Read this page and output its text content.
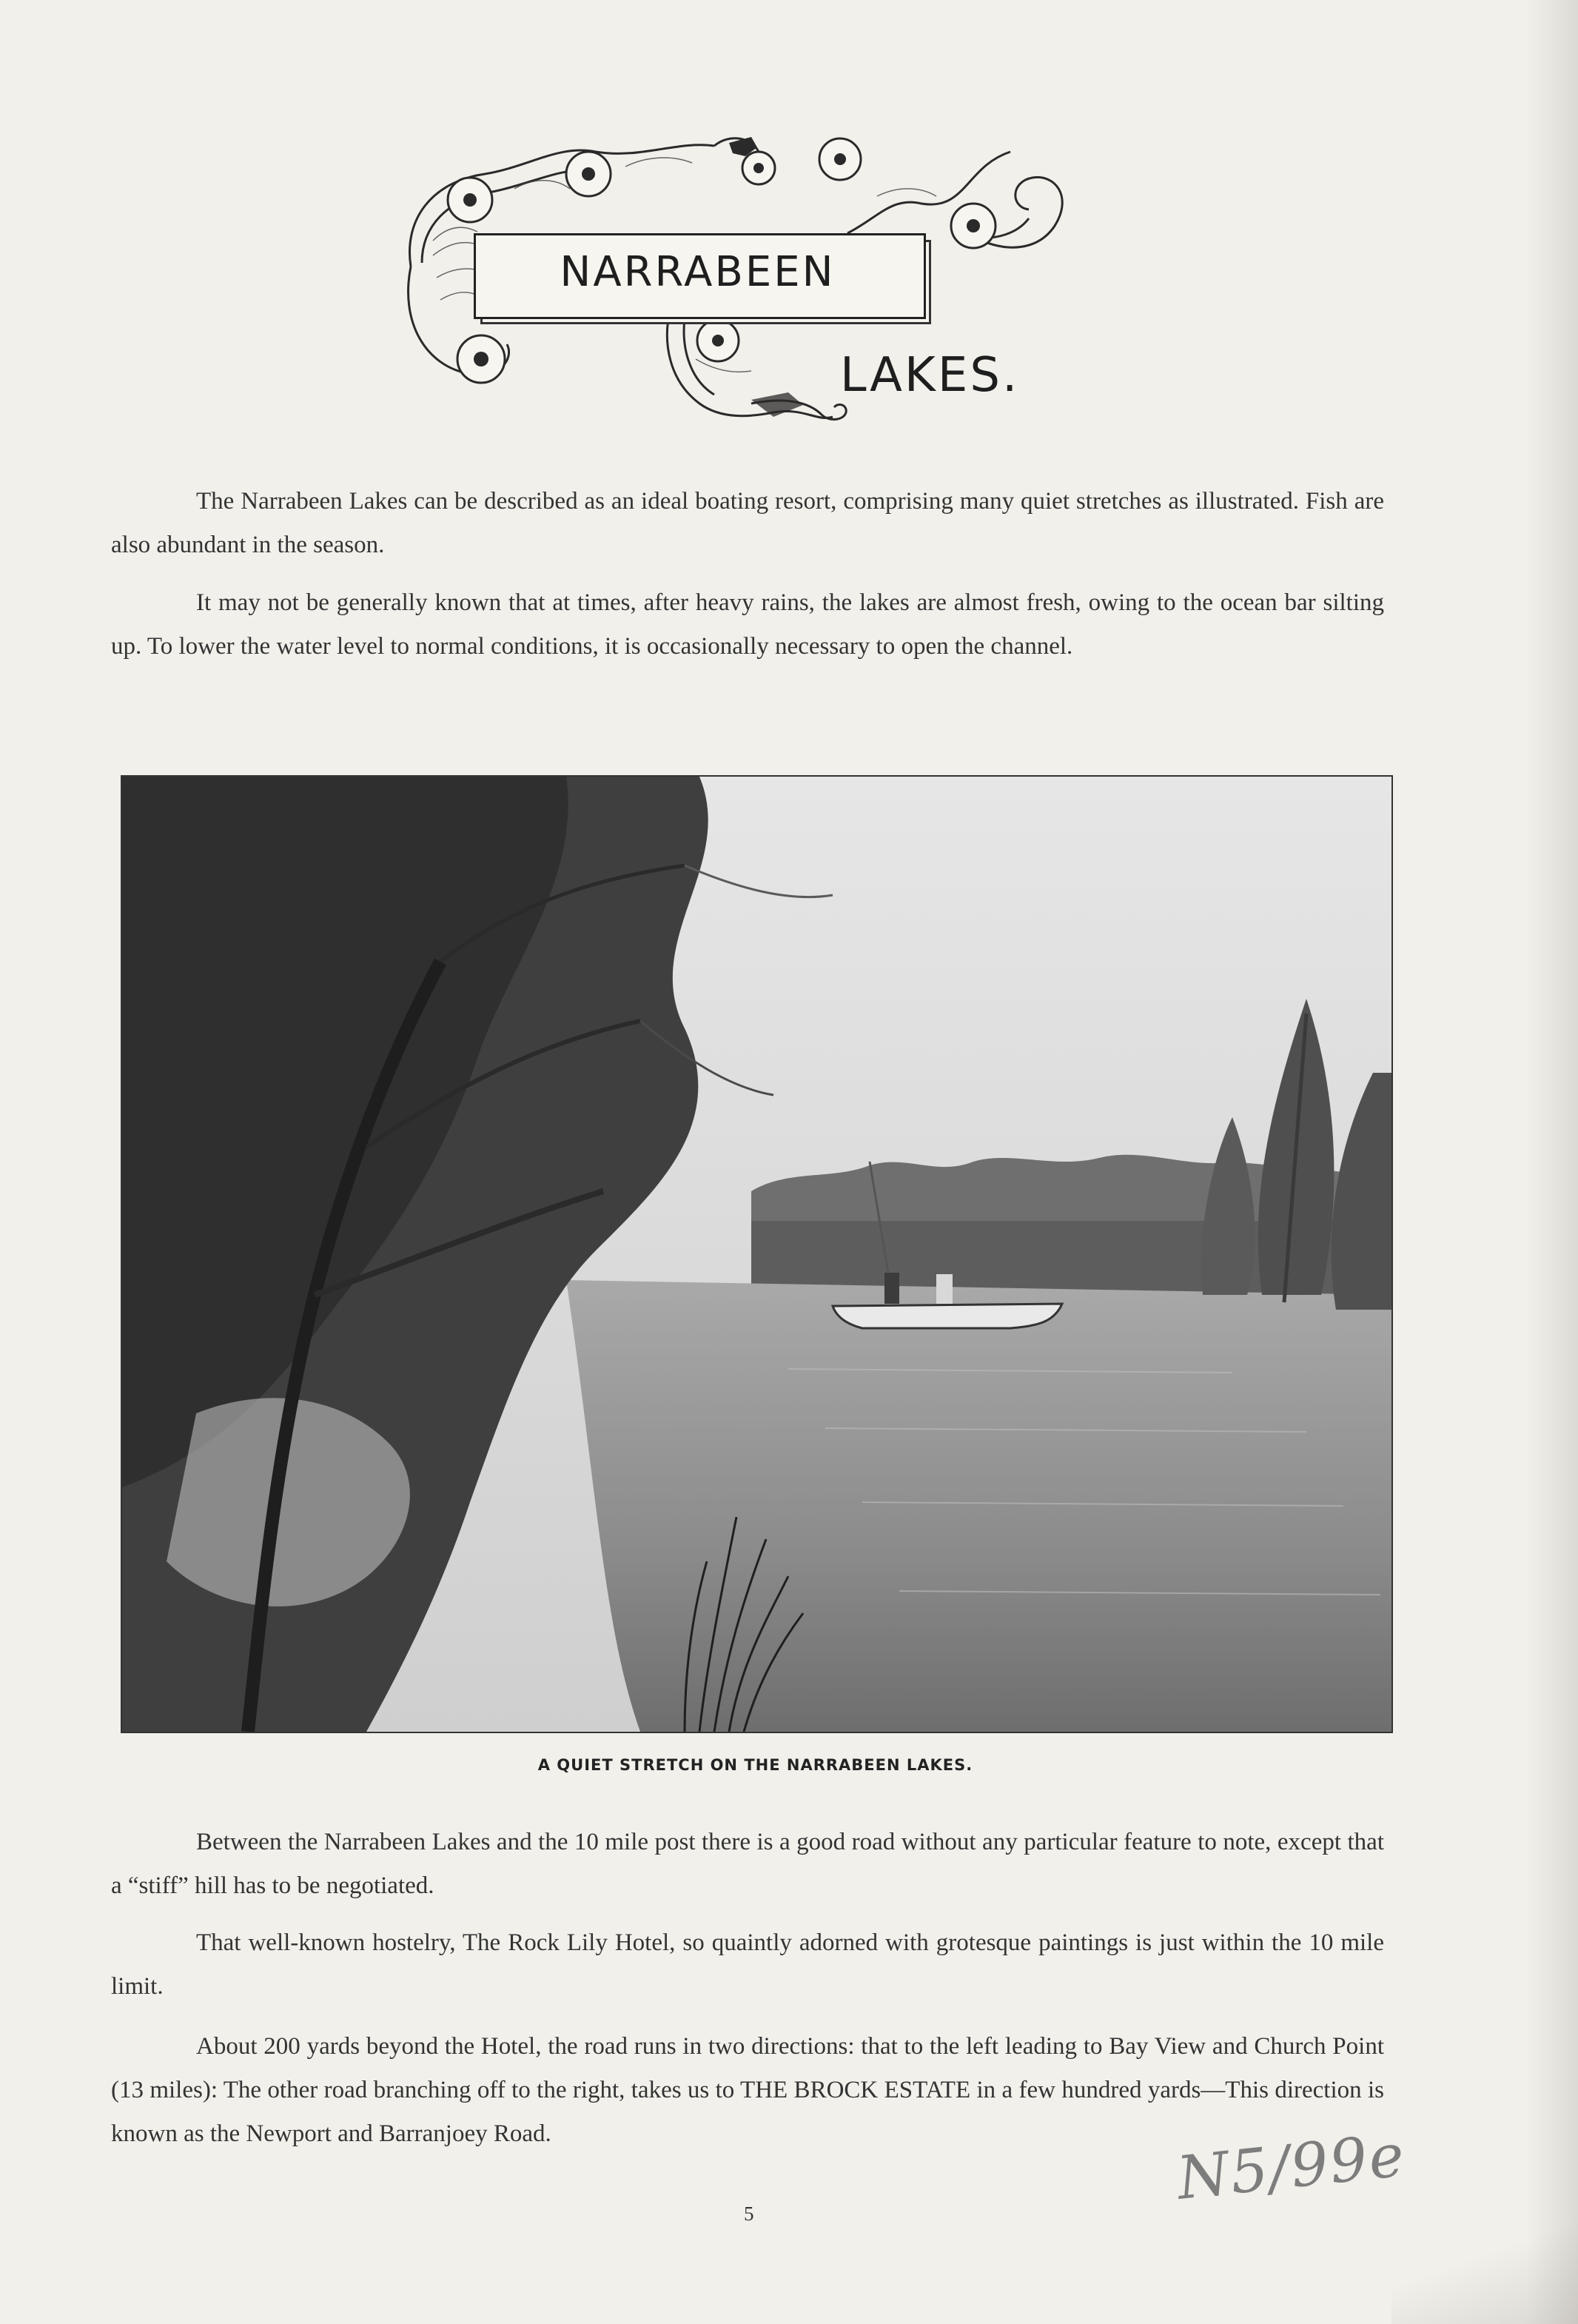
NARRABEEN
LAKES.

The Narrabeen Lakes can be described as an ideal boating resort, comprising many quiet stretches as illustrated. Fish are also abundant in the season.

It may not be generally known that at times, after heavy rains, the lakes are almost fresh, owing to the ocean bar silting up. To lower the water level to normal conditions, it is occasionally necessary to open the channel.

A QUIET STRETCH ON THE NARRABEEN LAKES.

Between the Narrabeen Lakes and the 10 mile post there is a good road without any particular feature to note, except that a “stiff” hill has to be negotiated.

That well-known hostelry, The Rock Lily Hotel, so quaintly adorned with grotesque paintings is just within the 10 mile limit.

About 200 yards beyond the Hotel, the road runs in two directions: that to the left leading to Bay View and Church Point (13 miles): The other road branching off to the right, takes us to THE BROCK ESTATE in a few hundred yards—This direction is known as the Newport and Barranjoey Road.

5
N5/99e
